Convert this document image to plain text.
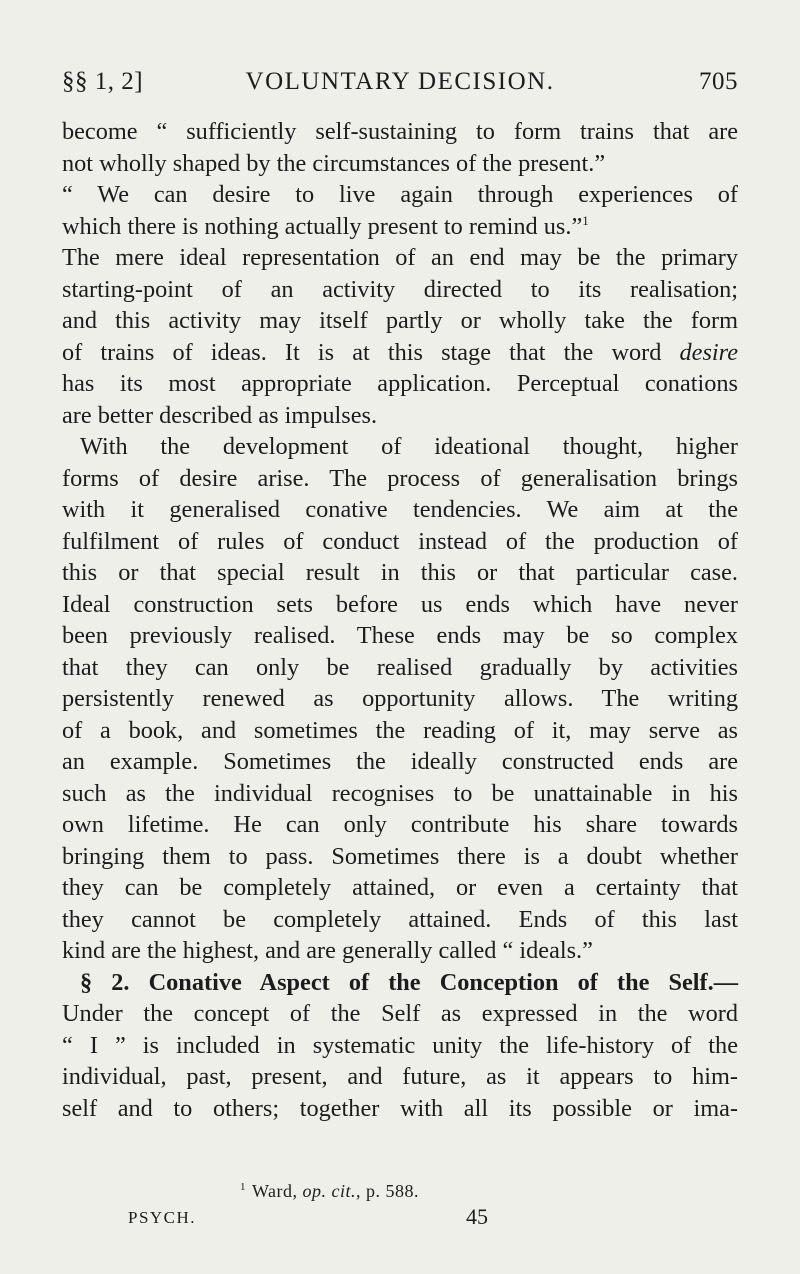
§§ 1, 2]	VOLUNTARY DECISION.	705
become “ sufficiently self-sustaining to form trains that are
not wholly shaped by the circumstances of the present.”
“ We can desire to live again through experiences of
which there is nothing actually present to remind us.”$^1$
The mere ideal representation of an end may be the primary
starting-point of an activity directed to its realisation;
and this activity may itself partly or wholly take the form
of trains of ideas. It is at this stage that the word desire
has its most appropriate application. Perceptual conations
are better described as impulses.
With the development of ideational thought, higher
forms of desire arise. The process of generalisation brings
with it generalised conative tendencies. We aim at the
fulfilment of rules of conduct instead of the production of
this or that special result in this or that particular case.
Ideal construction sets before us ends which have never
been previously realised. These ends may be so complex
that they can only be realised gradually by activities
persistently renewed as opportunity allows. The writing
of a book, and sometimes the reading of it, may serve as
an example. Sometimes the ideally constructed ends are
such as the individual recognises to be unattainable in his
own lifetime. He can only contribute his share towards
bringing them to pass. Sometimes there is a doubt whether
they can be completely attained, or even a certainty that
they cannot be completely attained. Ends of this last
kind are the highest, and are generally called “ ideals.”
§ 2. Conative Aspect of the Conception of the Self.—
Under the concept of the Self as expressed in the word
“ I ” is included in systematic unity the life-history of the
individual, past, present, and future, as it appears to him-
self and to others; together with all its possible or ima-
$^1$ Ward, op. cit., p. 588.
PSYCH.	45
